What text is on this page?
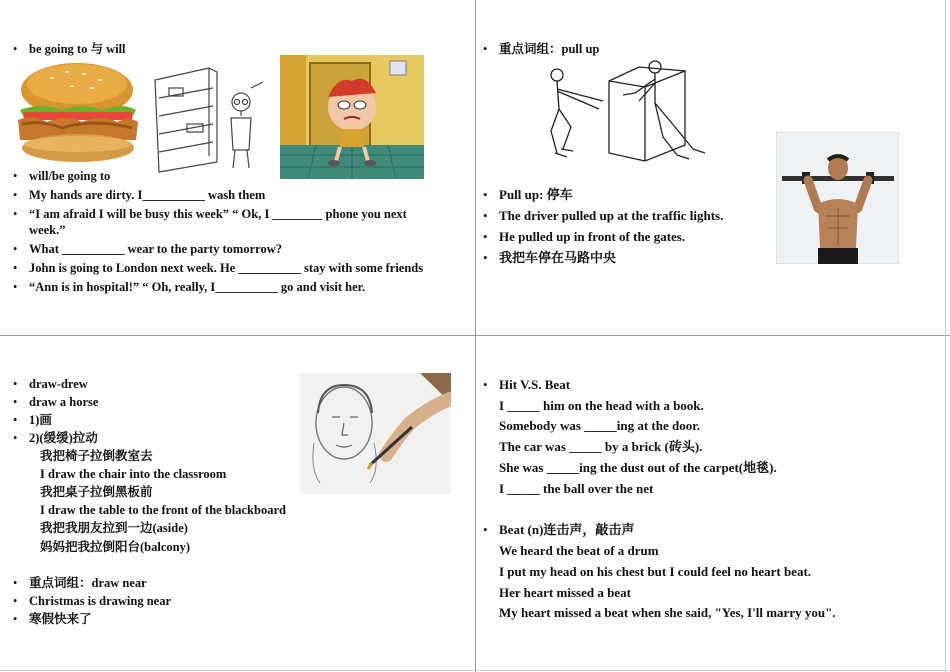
• be going to 与 will
• will/be going to
• My hands are dirty. I__________ wash them
• “I am afraid I will be busy this week” “ Ok, I ________ phone you next
week.”
• What __________ wear to the party tomorrow?
• John is going to London next week. He __________ stay with some friends
• “Ann is in hospital!” “ Oh, really, I__________ go and visit her.
• 重点词组：pull up
• Pull up: 停车
• The driver pulled up at the traffic lights.
• He pulled up in front of the gates.
• 我把车停在马路中央
• draw-drew
• draw a horse
• 1)画
• 2)(缓缓)拉动
我把椅子拉倒教室去
I draw the chair into the classroom
我把桌子拉倒黑板前
I draw the table to the front of the blackboard
我把我朋友拉到一边(aside)
妈妈把我拉倒阳台(balcony)
• 重点词组：draw near
• Christmas is drawing near
• 寒假快来了
• Hit V.S. Beat
I _____ him on the head with a book.
Somebody was _____ing at the door.
The car was _____ by a brick (砖头).
She was _____ing the dust out of the carpet(地毯).
I _____ the ball over the net
• Beat (n)连击声，敲击声
We heard the beat of a drum
I put my head on his chest but I could feel no heart beat.
Her heart missed a beat
My heart missed a beat when she said, "Yes, I'll marry you".
